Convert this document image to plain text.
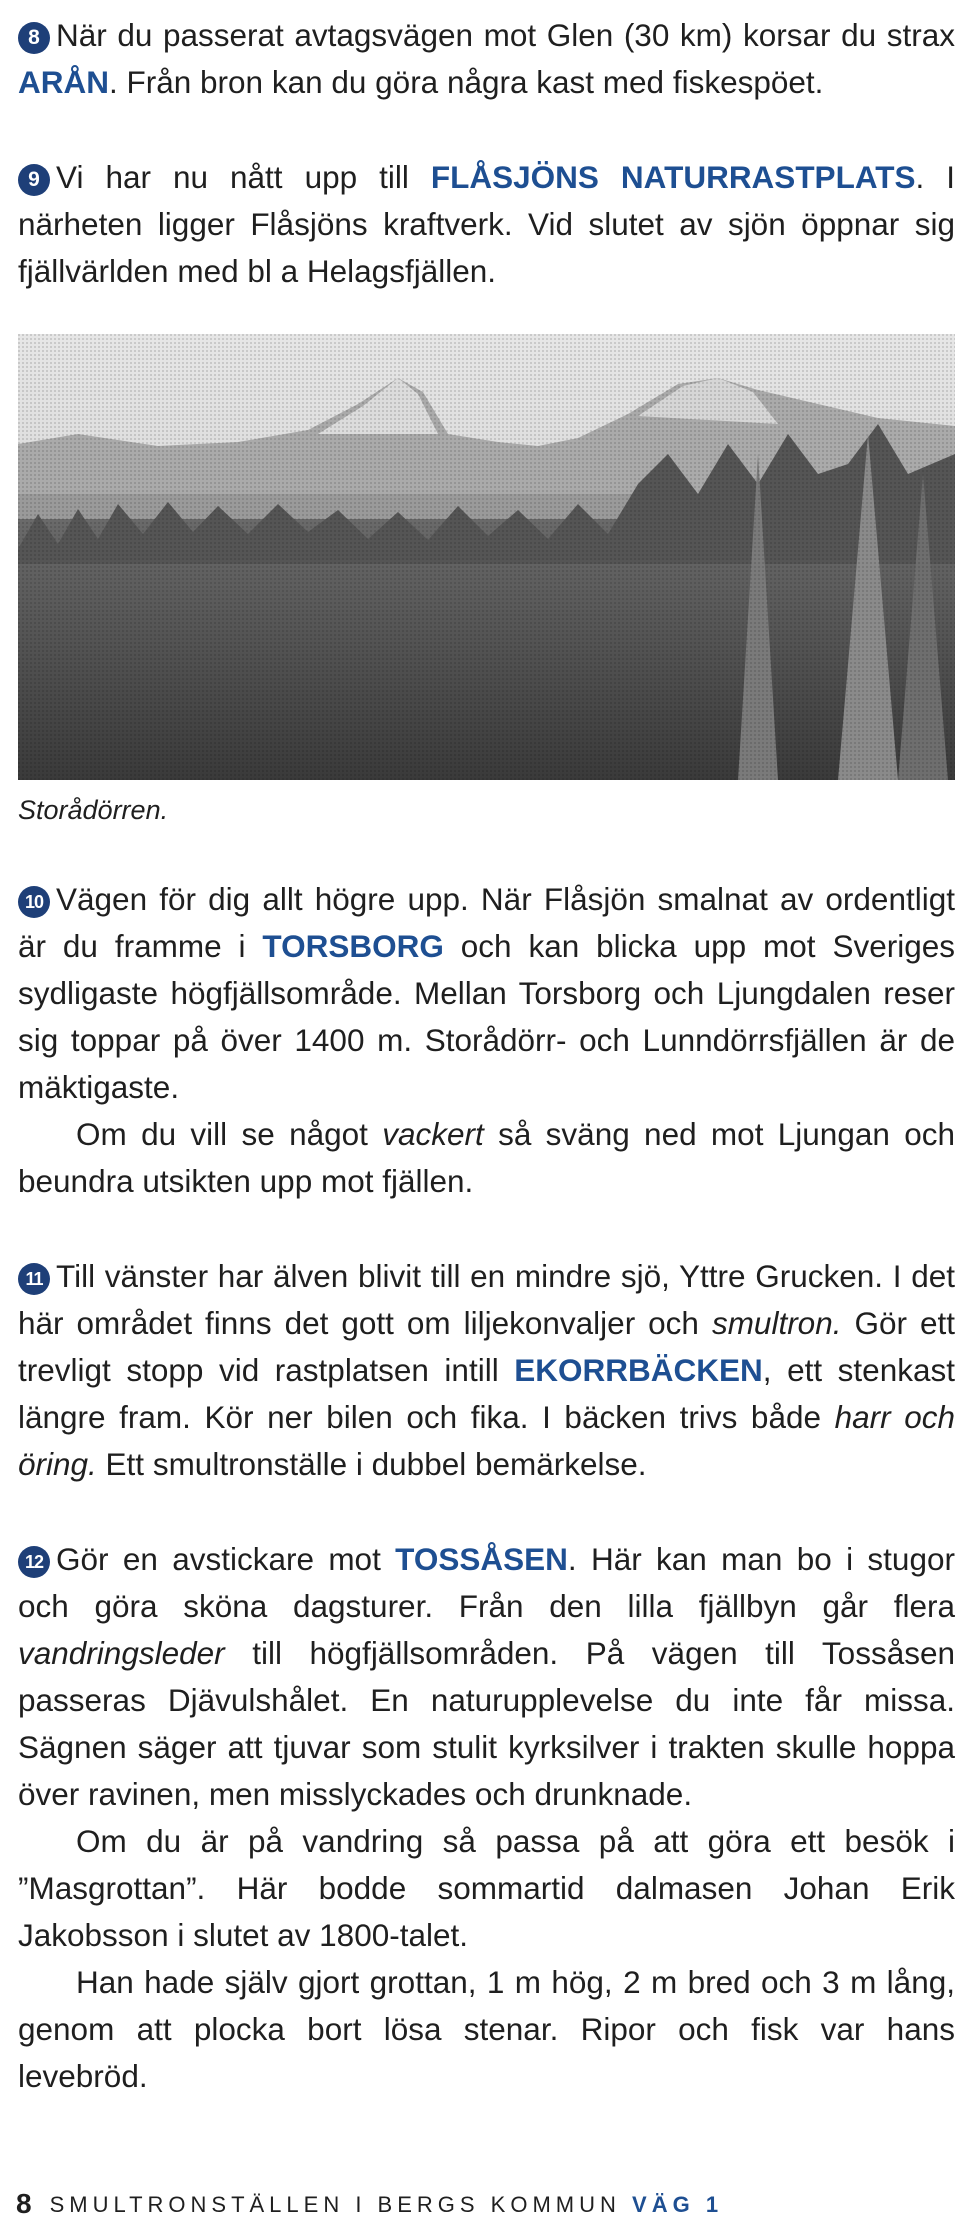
8 När du passerat avtagsvägen mot Glen (30 km) korsar du strax ARÅN. Från bron kan du göra några kast med fiskespöet.

9 Vi har nu nått upp till FLÅSJÖNS NATURRASTPLATS. I närheten ligger Flåsjöns kraftverk. Vid slutet av sjön öppnar sig fjällvärlden med bl a Helagsfjällen.

Storådörren.

10 Vägen för dig allt högre upp. När Flåsjön smalnat av ordentligt är du framme i TORSBORG och kan blicka upp mot Sveriges sydligaste högfjällsområde. Mellan Torsborg och Ljungdalen reser sig toppar på över 1400 m. Storådörr- och Lunndörrsfjällen är de mäktigaste.

Om du vill se något vackert så sväng ned mot Ljungan och beundra utsikten upp mot fjällen.

11 Till vänster har älven blivit till en mindre sjö, Yttre Grucken. I det här området finns det gott om liljekonvaljer och smultron. Gör ett trevligt stopp vid rastplatsen intill EKORRBÄCKEN, ett stenkast längre fram. Kör ner bilen och fika. I bäcken trivs både harr och öring. Ett smultronställe i dubbel bemärkelse.

12 Gör en avstickare mot TOSSÅSEN. Här kan man bo i stugor och göra sköna dagsturer. Från den lilla fjällbyn går flera vandringsleder till högfjällsområden. På vägen till Tossåsen passeras Djävulshålet. En naturupplevelse du inte får missa. Sägnen säger att tjuvar som stulit kyrksilver i trakten skulle hoppa över ravinen, men misslyckades och drunknade.

Om du är på vandring så passa på att göra ett besök i ”Masgrottan”. Här bodde sommartid dalmasen Johan Erik Jakobsson i slutet av 1800-talet.

Han hade själv gjort grottan, 1 m hög, 2 m bred och 3 m lång, genom att plocka bort lösa stenar. Ripor och fisk var hans levebröd.

8 SMULTRONSTÄLLEN I BERGS KOMMUN VÄG 1
